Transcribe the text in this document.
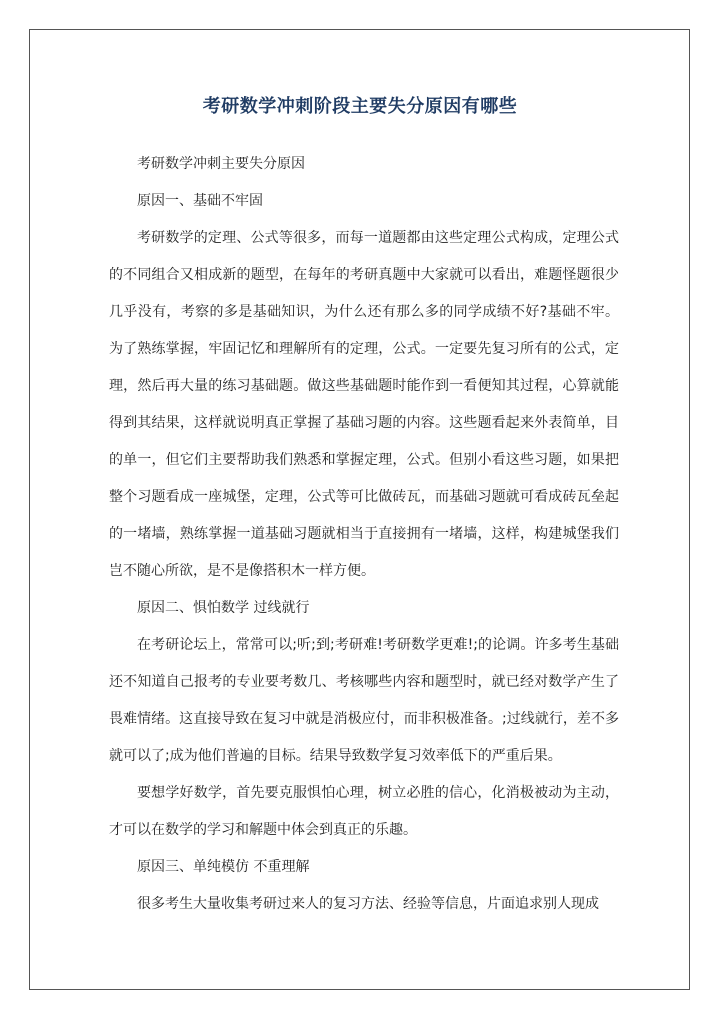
考研数学冲刺阶段主要失分原因有哪些

考研数学冲刺主要失分原因

原因一、基础不牢固

考研数学的定理、公式等很多，而每一道题都由这些定理公式构成，定理公式的不同组合又相成新的题型，在每年的考研真题中大家就可以看出，难题怪题很少几乎没有，考察的多是基础知识，为什么还有那么多的同学成绩不好?基础不牢。为了熟练掌握，牢固记忆和理解所有的定理，公式。一定要先复习所有的公式，定理，然后再大量的练习基础题。做这些基础题时能作到一看便知其过程，心算就能得到其结果，这样就说明真正掌握了基础习题的内容。这些题看起来外表简单，目的单一，但它们主要帮助我们熟悉和掌握定理，公式。但别小看这些习题，如果把整个习题看成一座城堡，定理，公式等可比做砖瓦，而基础习题就可看成砖瓦垒起的一堵墙，熟练掌握一道基础习题就相当于直接拥有一堵墙，这样，构建城堡我们岂不随心所欲，是不是像搭积木一样方便。

原因二、惧怕数学 过线就行

在考研论坛上，常常可以;听;到;考研难!考研数学更难!;的论调。许多考生基础还不知道自己报考的专业要考数几、考核哪些内容和题型时，就已经对数学产生了畏难情绪。这直接导致在复习中就是消极应付，而非积极准备。;过线就行，差不多就可以了;成为他们普遍的目标。结果导致数学复习效率低下的严重后果。

要想学好数学，首先要克服惧怕心理，树立必胜的信心，化消极被动为主动，才可以在数学的学习和解题中体会到真正的乐趣。

原因三、单纯模仿 不重理解

很多考生大量收集考研过来人的复习方法、经验等信息，片面追求别人现成
